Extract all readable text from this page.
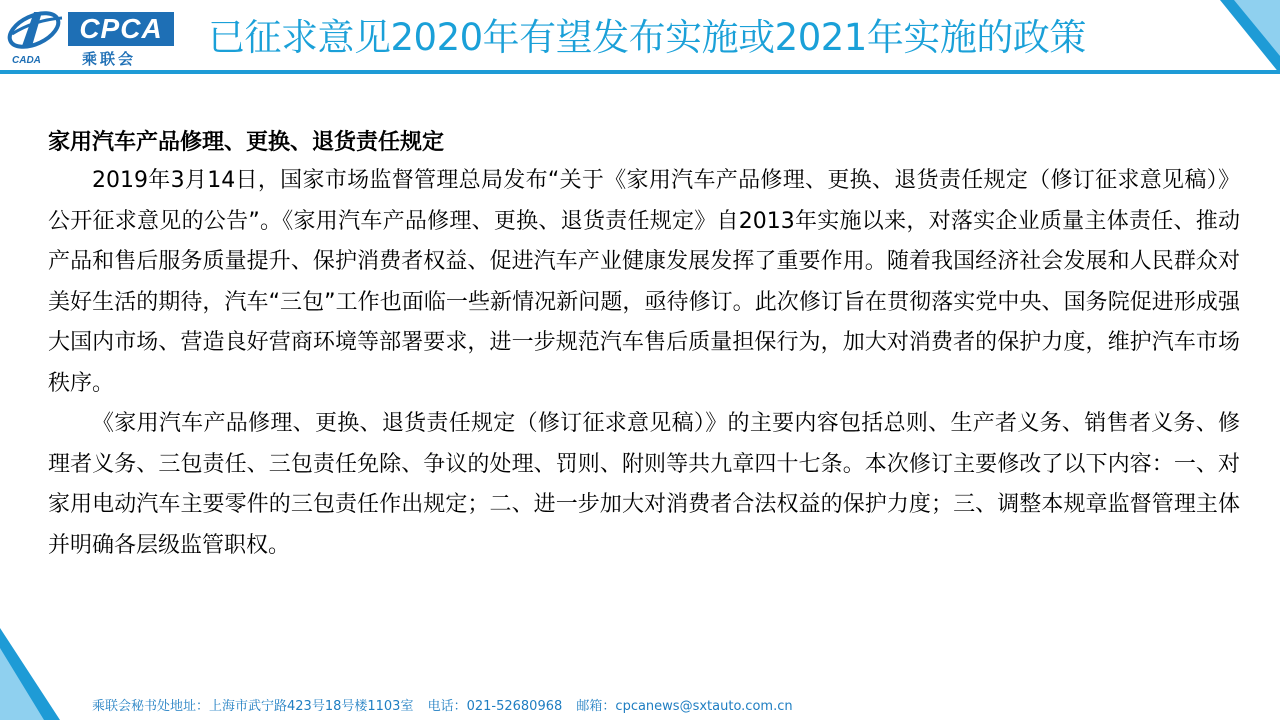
CPCA
乘联会
CADA
已征求意见2020年有望发布实施或2021年实施的政策

家用汽车产品修理、更换、退货责任规定

2019年3月14日，国家市场监督管理总局发布“关于《家用汽车产品修理、更换、退货责任规定（修订征求意见稿）》公开征求意见的公告”。《家用汽车产品修理、更换、退货责任规定》自2013年实施以来，对落实企业质量主体责任、推动产品和售后服务质量提升、保护消费者权益、促进汽车产业健康发展发挥了重要作用。随着我国经济社会发展和人民群众对美好生活的期待，汽车“三包”工作也面临一些新情况新问题，亟待修订。此次修订旨在贯彻落实党中央、国务院促进形成强大国内市场、营造良好营商环境等部署要求，进一步规范汽车售后质量担保行为，加大对消费者的保护力度，维护汽车市场秩序。

《家用汽车产品修理、更换、退货责任规定（修订征求意见稿）》的主要内容包括总则、生产者义务、销售者义务、修理者义务、三包责任、三包责任免除、争议的处理、罚则、附则等共九章四十七条。本次修订主要修改了以下内容：一、对家用电动汽车主要零件的三包责任作出规定；二、进一步加大对消费者合法权益的保护力度；三、调整本规章监督管理主体并明确各层级监管职权。

乘联会秘书处地址：上海市武宁路423号18号楼1103室 电话：021-52680968 邮箱：cpcanews@sxtauto.com.cn
